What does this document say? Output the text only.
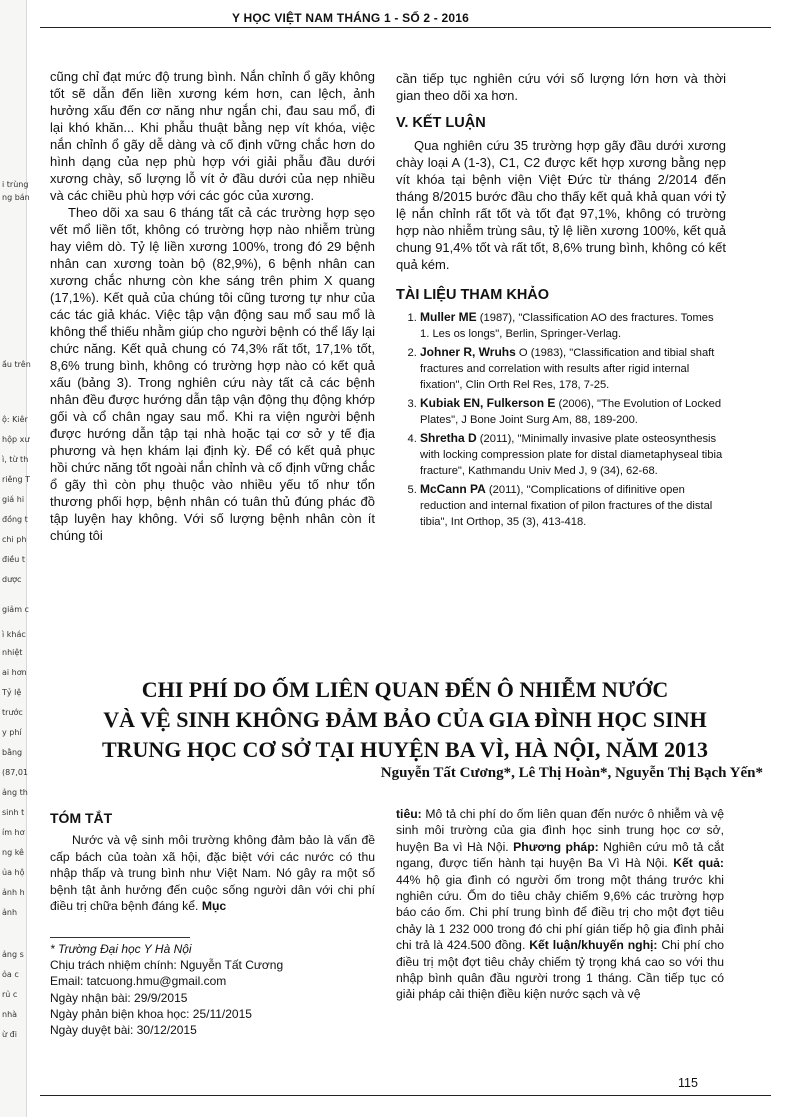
i trùng
ng bán
ầu trên
ộ: Kiêr
hộp xư
ì, từ th
riêng T
giá hi
đồng t
chi ph
điều t
dược
giảm c
ì khác
nhiệt
ai hơn
Tỷ lệ
trước
y phí
bằng
(87,01
ảng th
sinh t
ím hơ
ng kê
ủa hộ
ảnh h
ảnh
ảng s
ỏa c
rủ c
nhà
ừ đi
Y HỌC VIỆT NAM THÁNG 1 - SỐ 2 - 2016

cũng chỉ đạt mức độ trung bình. Nắn chỉnh ổ gãy không tốt sẽ dẫn đến liền xương kém hơn, can lệch, ảnh hưởng xấu đến cơ năng như ngắn chi, đau sau mổ, đi lại khó khăn... Khi phẫu thuật bằng nẹp vít khóa, việc nắn chỉnh ổ gãy dễ dàng và cố định vững chắc hơn do hình dạng của nẹp phù hợp với giải phẫu đầu dưới xương chày, số lượng lỗ vít ở đầu dưới của nẹp nhiều và các chiều phù hợp với các góc của xương.

Theo dõi xa sau 6 tháng tất cả các trường hợp sẹo vết mổ liền tốt, không có trường hợp nào nhiễm trùng hay viêm dò. Tỷ lệ liền xương 100%, trong đó 29 bệnh nhân can xương toàn bộ (82,9%), 6 bệnh nhân can xương chắc nhưng còn khe sáng trên phim X quang (17,1%). Kết quả của chúng tôi cũng tương tự như của các tác giả khác. Việc tập vận động sau mổ sau mổ là không thể thiếu nhằm giúp cho người bệnh có thể lấy lại chức năng. Kết quả chung có 74,3% rất tốt, 17,1% tốt, 8,6% trung bình, không có trường hợp nào có kết quả xấu (bảng 3). Trong nghiên cứu này tất cả các bệnh nhân đều được hướng dẫn tập vận động thụ động khớp gối và cổ chân ngay sau mổ. Khi ra viện người bệnh được hướng dẫn tập tại nhà hoặc tại cơ sở y tế địa phương và hẹn khám lại định kỳ. Để có kết quả phục hồi chức năng tốt ngoài nắn chỉnh và cố định vững chắc ổ gãy thì còn phụ thuộc vào nhiều yếu tố như tổn thương phối hợp, bệnh nhân có tuân thủ đúng phác đồ tập luyện hay không. Với số lượng bệnh nhân còn ít chúng tôi

cần tiếp tục nghiên cứu với số lượng lớn hơn và thời gian theo dõi xa hơn.

V. KẾT LUẬN

Qua nghiên cứu 35 trường hợp gãy đầu dưới xương chày loại A (1-3), C1, C2 được kết hợp xương bằng nẹp vít khóa tại bệnh viện Việt Đức từ tháng 2/2014 đến tháng 8/2015 bước đầu cho thấy kết quả khả quan với tỷ lệ nắn chỉnh rất tốt và tốt đạt 97,1%, không có trường hợp nào nhiễm trùng sâu, tỷ lệ liền xương 100%, kết quả chung 91,4% tốt và rất tốt, 8,6% trung bình, không có kết quả kém.

TÀI LIỆU THAM KHẢO
1. Muller ME (1987), "Classification AO des fractures. Tomes 1. Les os longs", Berlin, Springer-Verlag.
2. Johner R, Wruhs O (1983), "Classification and tibial shaft fractures and correlation with results after rigid internal fixation", Clin Orth Rel Res, 178, 7-25.
3. Kubiak EN, Fulkerson E (2006), "The Evolution of Locked Plates", J Bone Joint Surg Am, 88, 189-200.
4. Shretha D (2011), "Minimally invasive plate osteosynthesis with locking compression plate for distal diametaphyseal tibia fracture", Kathmandu Univ Med J, 9 (34), 62-68.
5. McCann PA (2011), "Complications of difinitive open reduction and internal fixation of pilon fractures of the distal tibia", Int Orthop, 35 (3), 413-418.
CHI PHÍ DO ỐM LIÊN QUAN ĐẾN Ô NHIỄM NƯỚC
VÀ VỆ SINH KHÔNG ĐẢM BẢO CỦA GIA ĐÌNH HỌC SINH
TRUNG HỌC CƠ SỞ TẠI HUYỆN BA VÌ, HÀ NỘI, NĂM 2013
Nguyễn Tất Cương*, Lê Thị Hoàn*, Nguyễn Thị Bạch Yến*
TÓM TẮT

Nước và vệ sinh môi trường không đảm bảo là vấn đề cấp bách của toàn xã hội, đặc biệt với các nước có thu nhập thấp và trung bình như Việt Nam. Nó gây ra một số bệnh tật ảnh hưởng đến cuộc sống người dân với chi phí điều trị chữa bệnh đáng kể. Mục

tiêu: Mô tả chi phí do ốm liên quan đến nước ô nhiễm và vệ sinh môi trường của gia đình học sinh trung học cơ sở, huyện Ba vì Hà Nội. Phương pháp: Nghiên cứu mô tả cắt ngang, được tiến hành tại huyện Ba Vì Hà Nội. Kết quả: 44% hộ gia đình có người ốm trong một tháng trước khi nghiên cứu. Ốm do tiêu chảy chiếm 9,6% các trường hợp báo cáo ốm. Chi phí trung bình để điều trị cho một đợt tiêu chảy là 1 232 000 trong đó chi phí gián tiếp hộ gia đình phải chi trả là 424.500 đồng. Kết luận/khuyến nghị: Chi phí cho điều trị một đợt tiêu chảy chiếm tỷ trọng khá cao so với thu nhập bình quân đầu người trong 1 tháng. Cần tiếp tục có giải pháp cải thiện điều kiện nước sạch và vệ
* Trường Đại học Y Hà Nội
Chịu trách nhiệm chính: Nguyễn Tất Cương
Email: tatcuong.hmu@gmail.com
Ngày nhận bài: 29/9/2015
Ngày phản biện khoa học: 25/11/2015
Ngày duyệt bài: 30/12/2015
115
